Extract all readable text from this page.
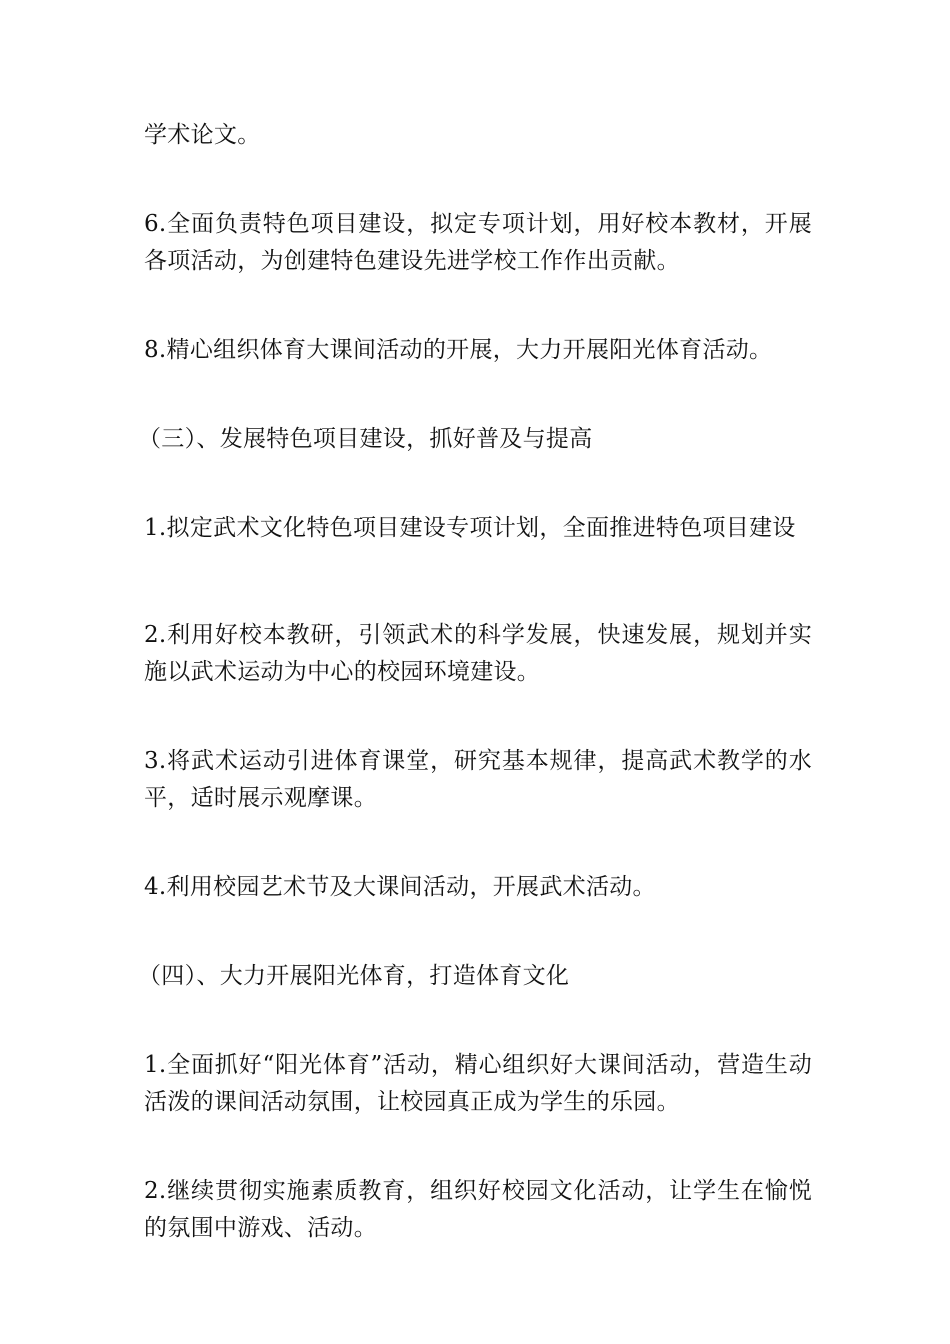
学术论文。

6.全面负责特色项目建设，拟定专项计划，用好校本教材，开展各项活动，为创建特色建设先进学校工作作出贡献。

8.精心组织体育大课间活动的开展，大力开展阳光体育活动。

（三）、发展特色项目建设，抓好普及与提高

1.拟定武术文化特色项目建设专项计划，全面推进特色项目建设

2.利用好校本教研，引领武术的科学发展，快速发展，规划并实施以武术运动为中心的校园环境建设。

3.将武术运动引进体育课堂，研究基本规律，提高武术教学的水平，适时展示观摩课。

4.利用校园艺术节及大课间活动，开展武术活动。

（四）、大力开展阳光体育，打造体育文化

1.全面抓好“阳光体育”活动，精心组织好大课间活动，营造生动活泼的课间活动氛围，让校园真正成为学生的乐园。

2.继续贯彻实施素质教育，组织好校园文化活动，让学生在愉悦的氛围中游戏、活动。
